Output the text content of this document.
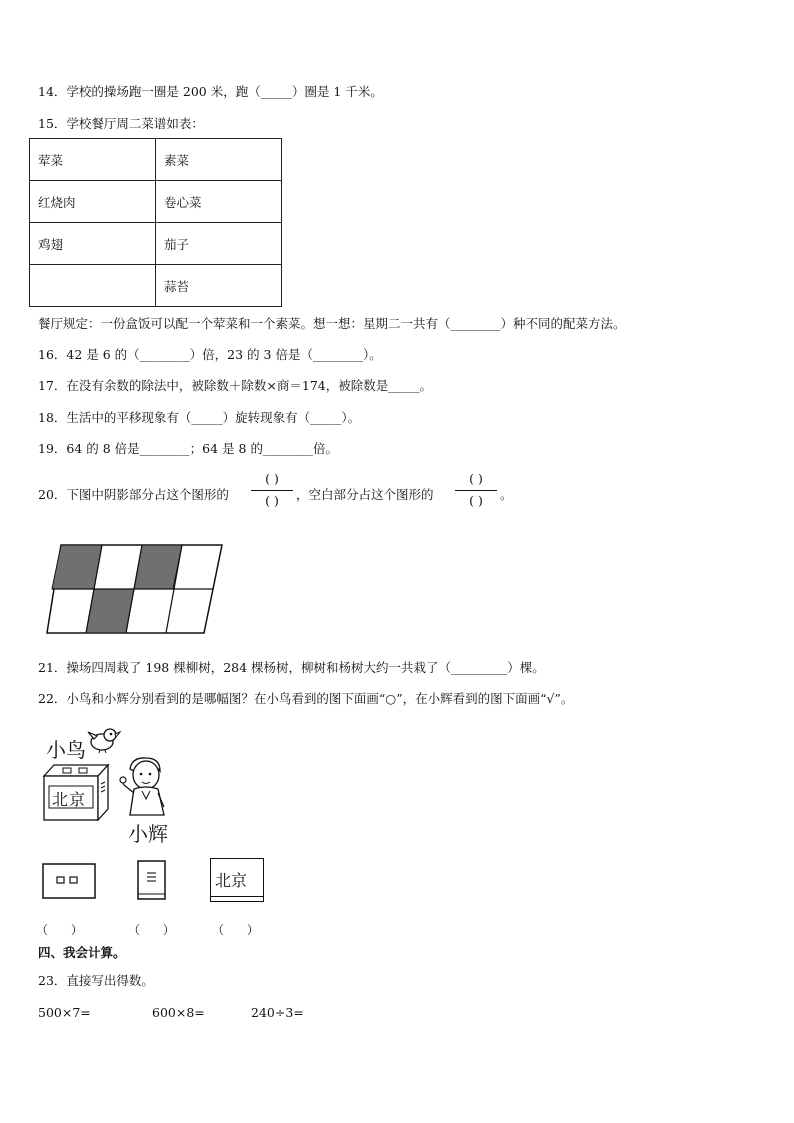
14．学校的操场跑一圈是 200 米，跑（_____）圈是 1 千米。
15．学校餐厅周二菜谱如表：
荤菜	素菜
红烧肉	卷心菜
鸡翅	茄子
	蒜苔
餐厅规定：一份盒饭可以配一个荤菜和一个素菜。想一想：星期二一共有（________）种不同的配菜方法。
16．42 是 6 的（________）倍，23 的 3 倍是（________）。
17．在没有余数的除法中，被除数＋除数×商＝174，被除数是_____。
18．生活中的平移现象有（_____）旋转现象有（_____）。
19．64 的 8 倍是________；64 是 8 的________倍。
20．下图中阴影部分占这个图形的
( )
( )	，空白部分占这个图形的
( )
( )	。
21．操场四周栽了 198 棵柳树，284 棵杨树，柳树和杨树大约一共栽了（_________）棵。
22．小鸟和小辉分别看到的是哪幅图？在小鸟看到的图下面画“○”，在小辉看到的图下面画“√”。
小鸟
北京
小辉
北京
（      ）	（      ）	（      ）
四、我会计算。
23．直接写出得数。
500×7=	600×8=	240÷3=
